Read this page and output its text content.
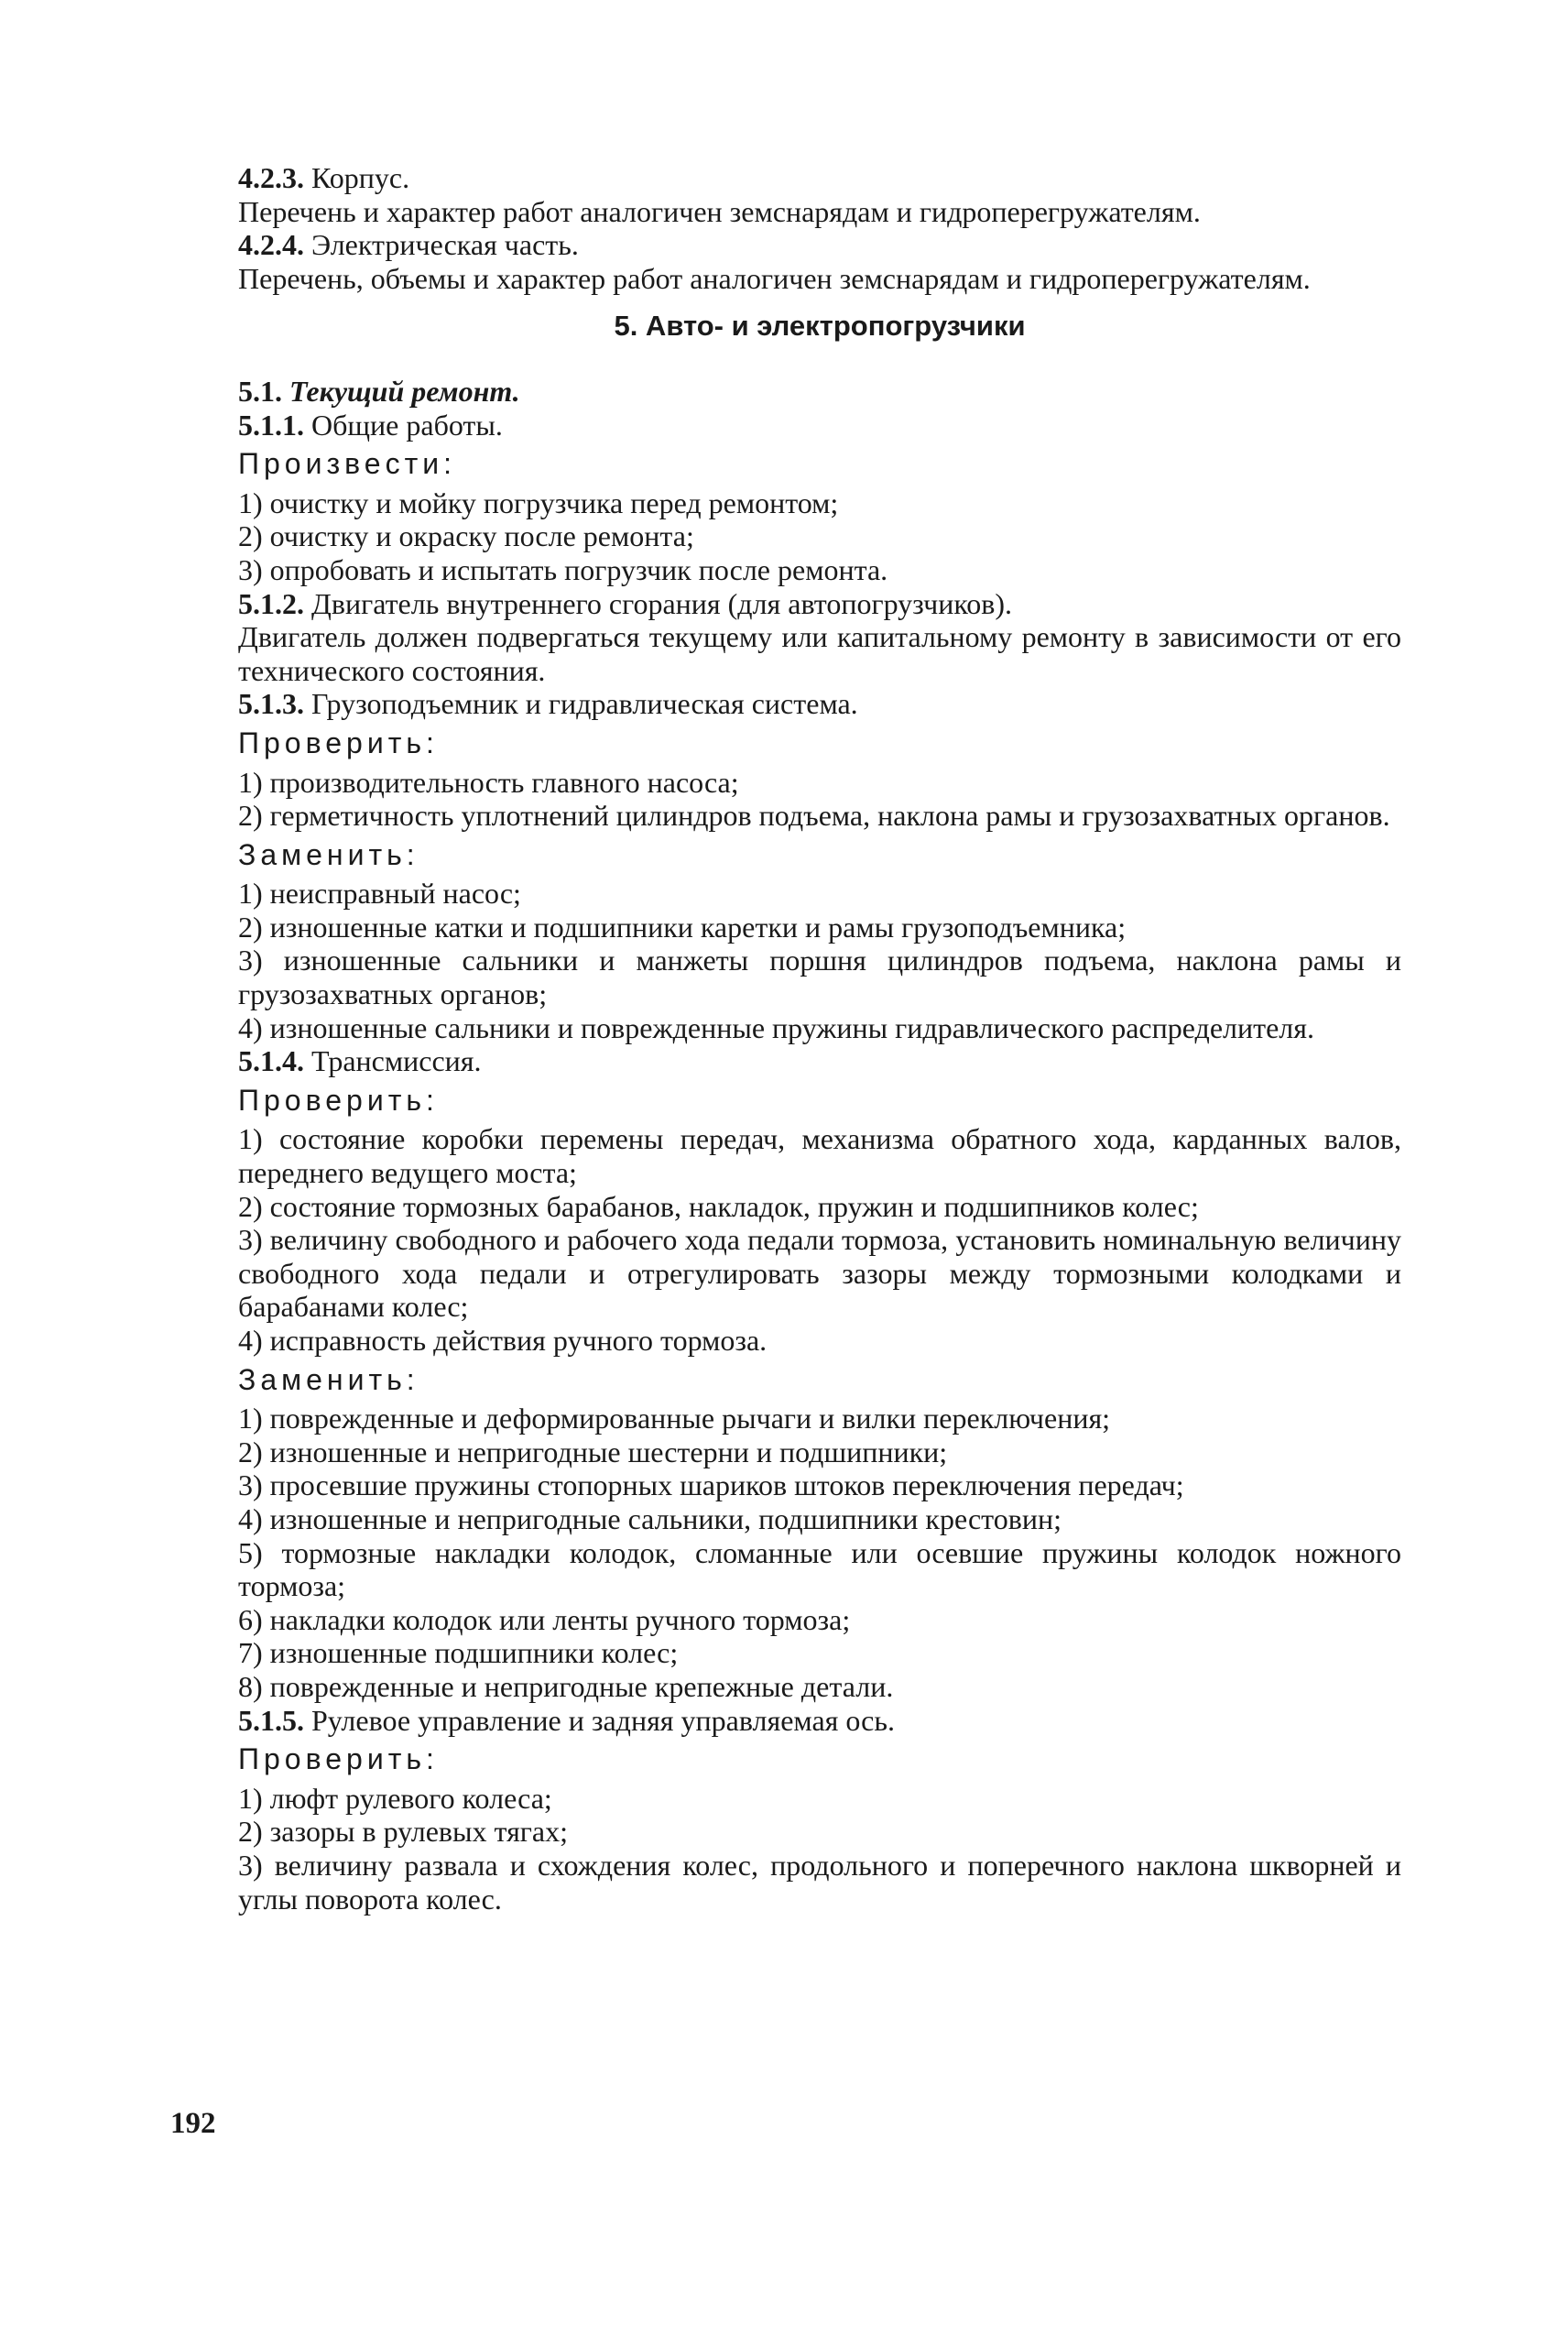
4.2.3. Корпус.
Перечень и характер работ аналогичен земснарядам и гидроперегружателям.
4.2.4. Электрическая часть.
Перечень, объемы и характер работ аналогичен земснарядам и гидроперегружателям.
5. Авто- и электропогрузчики
5.1. Текущий ремонт.
5.1.1. Общие работы.
Произвести:
1) очистку и мойку погрузчика перед ремонтом;
2) очистку и окраску после ремонта;
3) опробовать и испытать погрузчик после ремонта.
5.1.2. Двигатель внутреннего сгорания (для автопогрузчиков).
Двигатель должен подвергаться текущему или капитальному ремонту в зависимости от его технического состояния.
5.1.3. Грузоподъемник и гидравлическая система.
Проверить:
1) производительность главного насоса;
2) герметичность уплотнений цилиндров подъема, наклона рамы и грузозахватных органов.
Заменить:
1) неисправный насос;
2) изношенные катки и подшипники каретки и рамы грузоподъемника;
3) изношенные сальники и манжеты поршня цилиндров подъема, наклона рамы и грузозахватных органов;
4) изношенные сальники и поврежденные пружины гидравлического распределителя.
5.1.4. Трансмиссия.
Проверить:
1) состояние коробки перемены передач, механизма обратного хода, карданных валов, переднего ведущего моста;
2) состояние тормозных барабанов, накладок, пружин и подшипников колес;
3) величину свободного и рабочего хода педали тормоза, установить номинальную величину свободного хода педали и отрегулировать зазоры между тормозными колодками и барабанами колес;
4) исправность действия ручного тормоза.
Заменить:
1) поврежденные и деформированные рычаги и вилки переключения;
2) изношенные и непригодные шестерни и подшипники;
3) просевшие пружины стопорных шариков штоков переключения передач;
4) изношенные и непригодные сальники, подшипники крестовин;
5) тормозные накладки колодок, сломанные или осевшие пружины колодок ножного тормоза;
6) накладки колодок или ленты ручного тормоза;
7) изношенные подшипники колес;
8) поврежденные и непригодные крепежные детали.
5.1.5. Рулевое управление и задняя управляемая ось.
Проверить:
1) люфт рулевого колеса;
2) зазоры в рулевых тягах;
3) величину развала и схождения колес, продольного и поперечного наклона шкворней и углы поворота колес.
192
